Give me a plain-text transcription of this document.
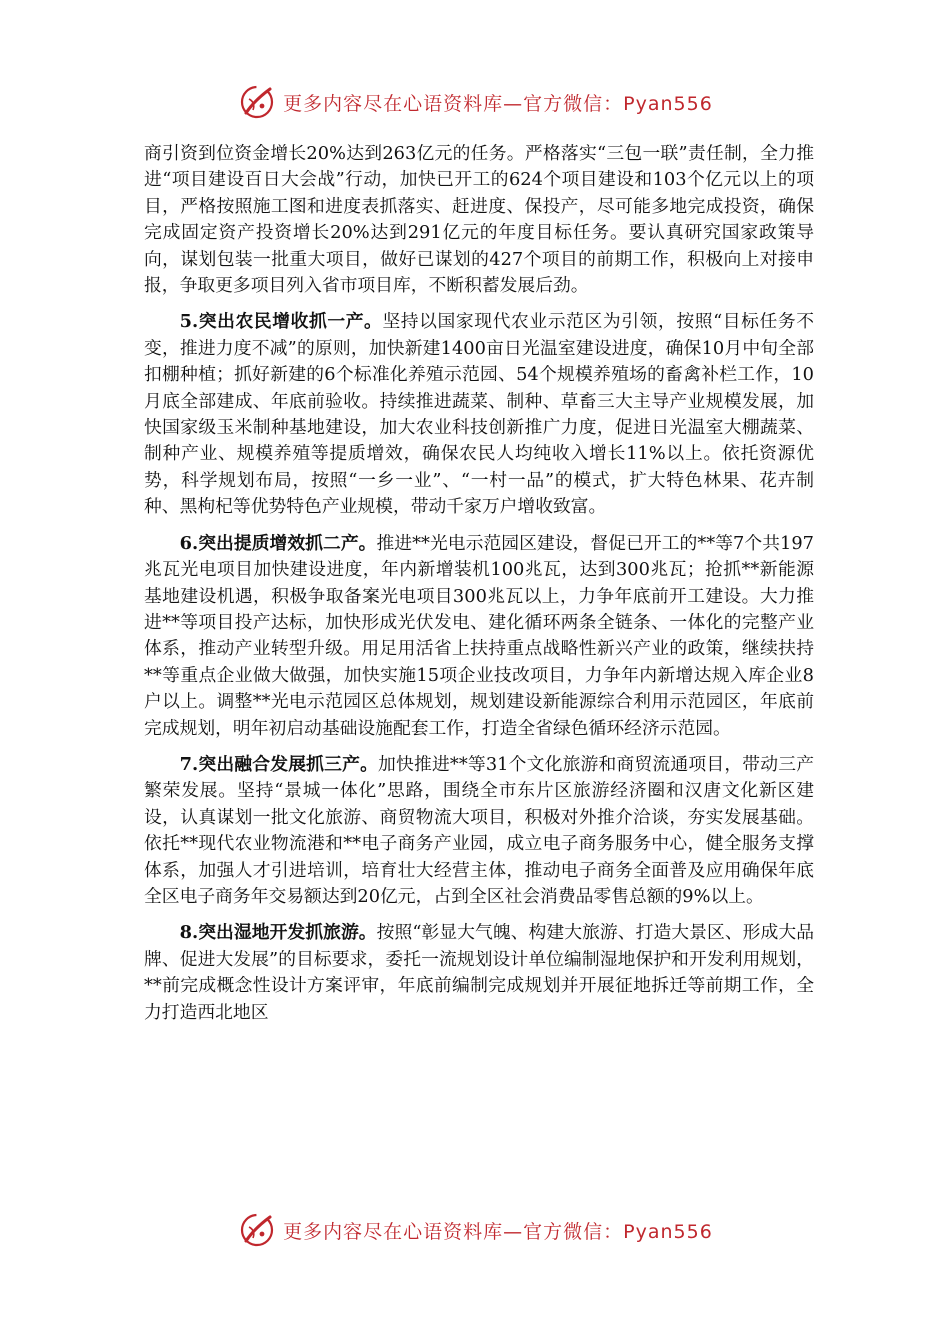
更多内容尽在心语资料库—官方微信：Pyan556

商引资到位资金增长20%达到263亿元的任务。严格落实“三包一联”责任制，全力推进“项目建设百日大会战”行动，加快已开工的624个项目建设和103个亿元以上的项目，严格按照施工图和进度表抓落实、赶进度、保投产，尽可能多地完成投资，确保完成固定资产投资增长20%达到291亿元的年度目标任务。要认真研究国家政策导向，谋划包装一批重大项目，做好已谋划的427个项目的前期工作，积极向上对接申报，争取更多项目列入省市项目库，不断积蓄发展后劲。

5.突出农民增收抓一产。坚持以国家现代农业示范区为引领，按照“目标任务不变，推进力度不减”的原则，加快新建1400亩日光温室建设进度，确保10月中旬全部扣棚种植；抓好新建的6个标准化养殖示范园、54个规模养殖场的畜禽补栏工作，10月底全部建成、年底前验收。持续推进蔬菜、制种、草畜三大主导产业规模发展，加快国家级玉米制种基地建设，加大农业科技创新推广力度，促进日光温室大棚蔬菜、制种产业、规模养殖等提质增效，确保农民人均纯收入增长11%以上。依托资源优势，科学规划布局，按照“一乡一业”、“一村一品”的模式，扩大特色林果、花卉制种、黑枸杞等优势特色产业规模，带动千家万户增收致富。

6.突出提质增效抓二产。推进**光电示范园区建设，督促已开工的**等7个共197兆瓦光电项目加快建设进度，年内新增装机100兆瓦，达到300兆瓦；抢抓**新能源基地建设机遇，积极争取备案光电项目300兆瓦以上，力争年底前开工建设。大力推进**等项目投产达标，加快形成光伏发电、建化循环两条全链条、一体化的完整产业体系，推动产业转型升级。用足用活省上扶持重点战略性新兴产业的政策，继续扶持**等重点企业做大做强，加快实施15项企业技改项目，力争年内新增达规入库企业8户以上。调整**光电示范园区总体规划，规划建设新能源综合利用示范园区，年底前完成规划，明年初启动基础设施配套工作，打造全省绿色循环经济示范园。

7.突出融合发展抓三产。加快推进**等31个文化旅游和商贸流通项目，带动三产繁荣发展。坚持“景城一体化”思路，围绕全市东片区旅游经济圈和汉唐文化新区建设，认真谋划一批文化旅游、商贸物流大项目，积极对外推介洽谈，夯实发展基础。依托**现代农业物流港和**电子商务产业园，成立电子商务服务中心，健全服务支撑体系，加强人才引进培训，培育壮大经营主体，推动电子商务全面普及应用确保年底全区电子商务年交易额达到20亿元，占到全区社会消费品零售总额的9%以上。

8.突出湿地开发抓旅游。按照“彰显大气魄、构建大旅游、打造大景区、形成大品牌、促进大发展”的目标要求，委托一流规划设计单位编制湿地保护和开发利用规划，**前完成概念性设计方案评审，年底前编制完成规划并开展征地拆迁等前期工作，全力打造西北地区

更多内容尽在心语资料库—官方微信：Pyan556
